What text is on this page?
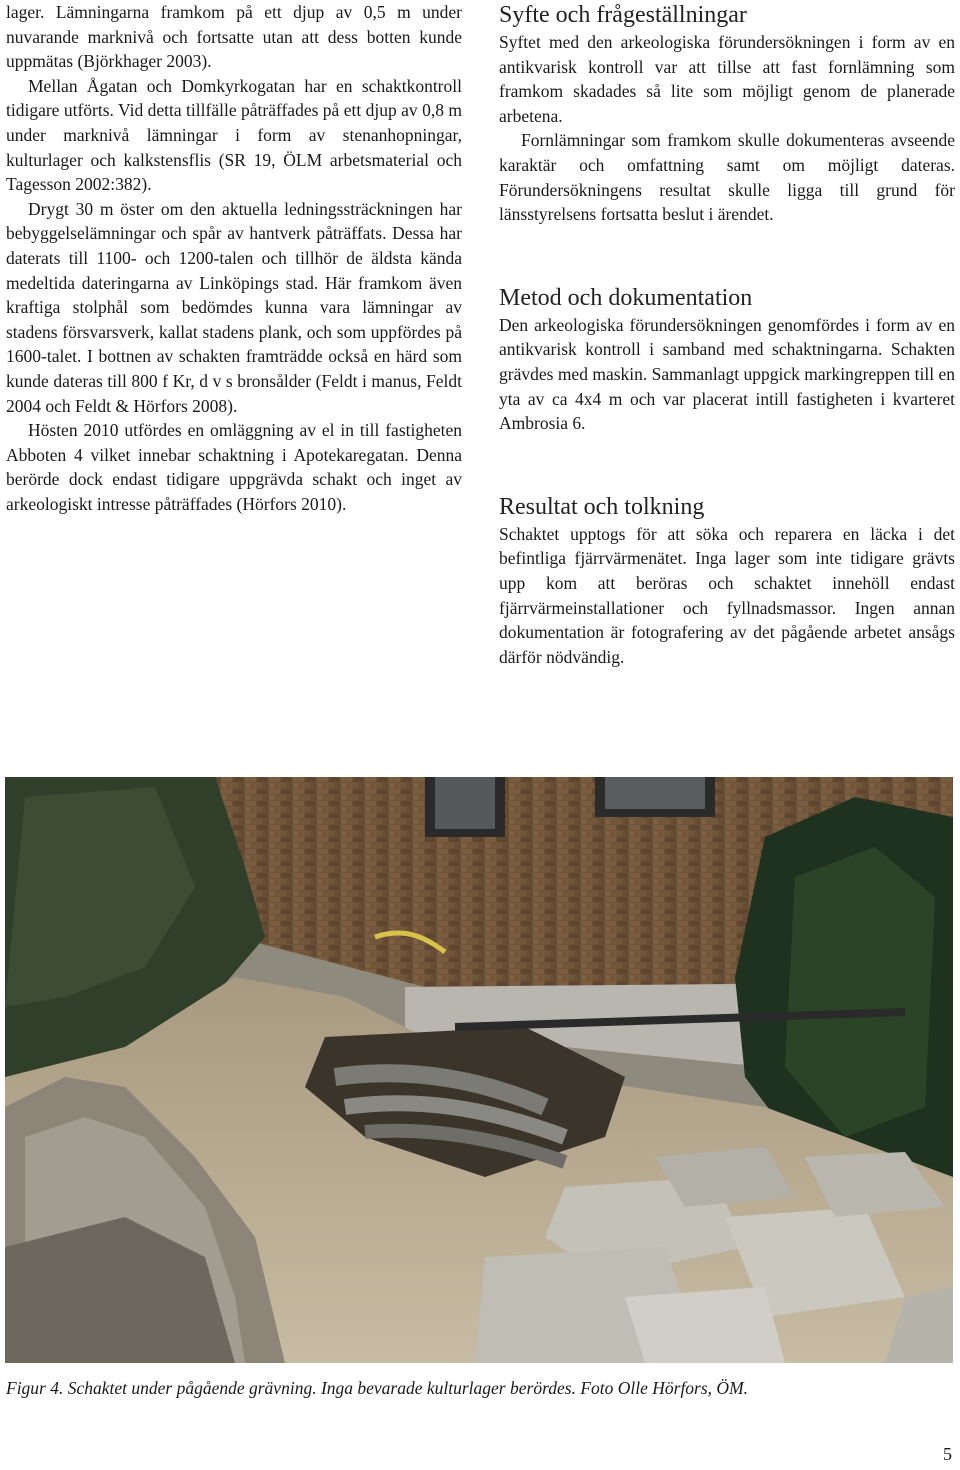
lager. Lämningarna framkom på ett djup av 0,5 m under nuvarande marknivå och fortsatte utan att dess botten kunde uppmätas (Björkhager 2003).

Mellan Ågatan och Domkyrkogatan har en schaktkontroll tidigare utförts. Vid detta tillfälle påträffades på ett djup av 0,8 m under marknivå lämningar i form av stenanhopningar, kulturlager och kalkstensflis (SR 19, ÖLM arbetsmaterial och Tagesson 2002:382).

Drygt 30 m öster om den aktuella ledningssträckningen har bebyggelselämningar och spår av hantverk påträffats. Dessa har daterats till 1100- och 1200-talen och tillhör de äldsta kända medeltida dateringarna av Linköpings stad. Här framkom även kraftiga stolphål som bedömdes kunna vara lämningar av stadens försvarsverk, kallat stadens plank, och som uppfördes på 1600-talet. I bottnen av schakten framträdde också en härd som kunde dateras till 800 f Kr, d v s bronsålder (Feldt i manus, Feldt 2004 och Feldt & Hörfors 2008).

Hösten 2010 utfördes en omläggning av el in till fastigheten Abboten 4 vilket innebar schaktning i Apotekaregatan. Denna berörde dock endast tidigare uppgrävda schakt och inget av arkeologiskt intresse påträffades (Hörfors 2010).

Syfte och frågeställningar

Syftet med den arkeologiska förundersökningen i form av en antikvarisk kontroll var att tillse att fast fornlämning som framkom skadades så lite som möjligt genom de planerade arbetena.

Fornlämningar som framkom skulle dokumenteras avseende karaktär och omfattning samt om möjligt dateras. Förundersökningens resultat skulle ligga till grund för länsstyrelsens fortsatta beslut i ärendet.

Metod och dokumentation

Den arkeologiska förundersökningen genomfördes i form av en antikvarisk kontroll i samband med schaktningarna. Schakten grävdes med maskin. Sammanlagt uppgick markingreppen till en yta av ca 4x4 m och var placerat intill fastigheten i kvarteret Ambrosia 6.

Resultat och tolkning

Schaktet upptogs för att söka och reparera en läcka i det befintliga fjärrvärmenätet. Inga lager som inte tidigare grävts upp kom att beröras och schaktet innehöll endast fjärrvärmeinstallationer och fyllnadsmassor. Ingen annan dokumentation är fotografering av det pågående arbetet ansågs därför nödvändig.

Figur 4. Schaktet under pågående grävning. Inga bevarade kulturlager berördes. Foto Olle Hörfors, ÖM.
5
